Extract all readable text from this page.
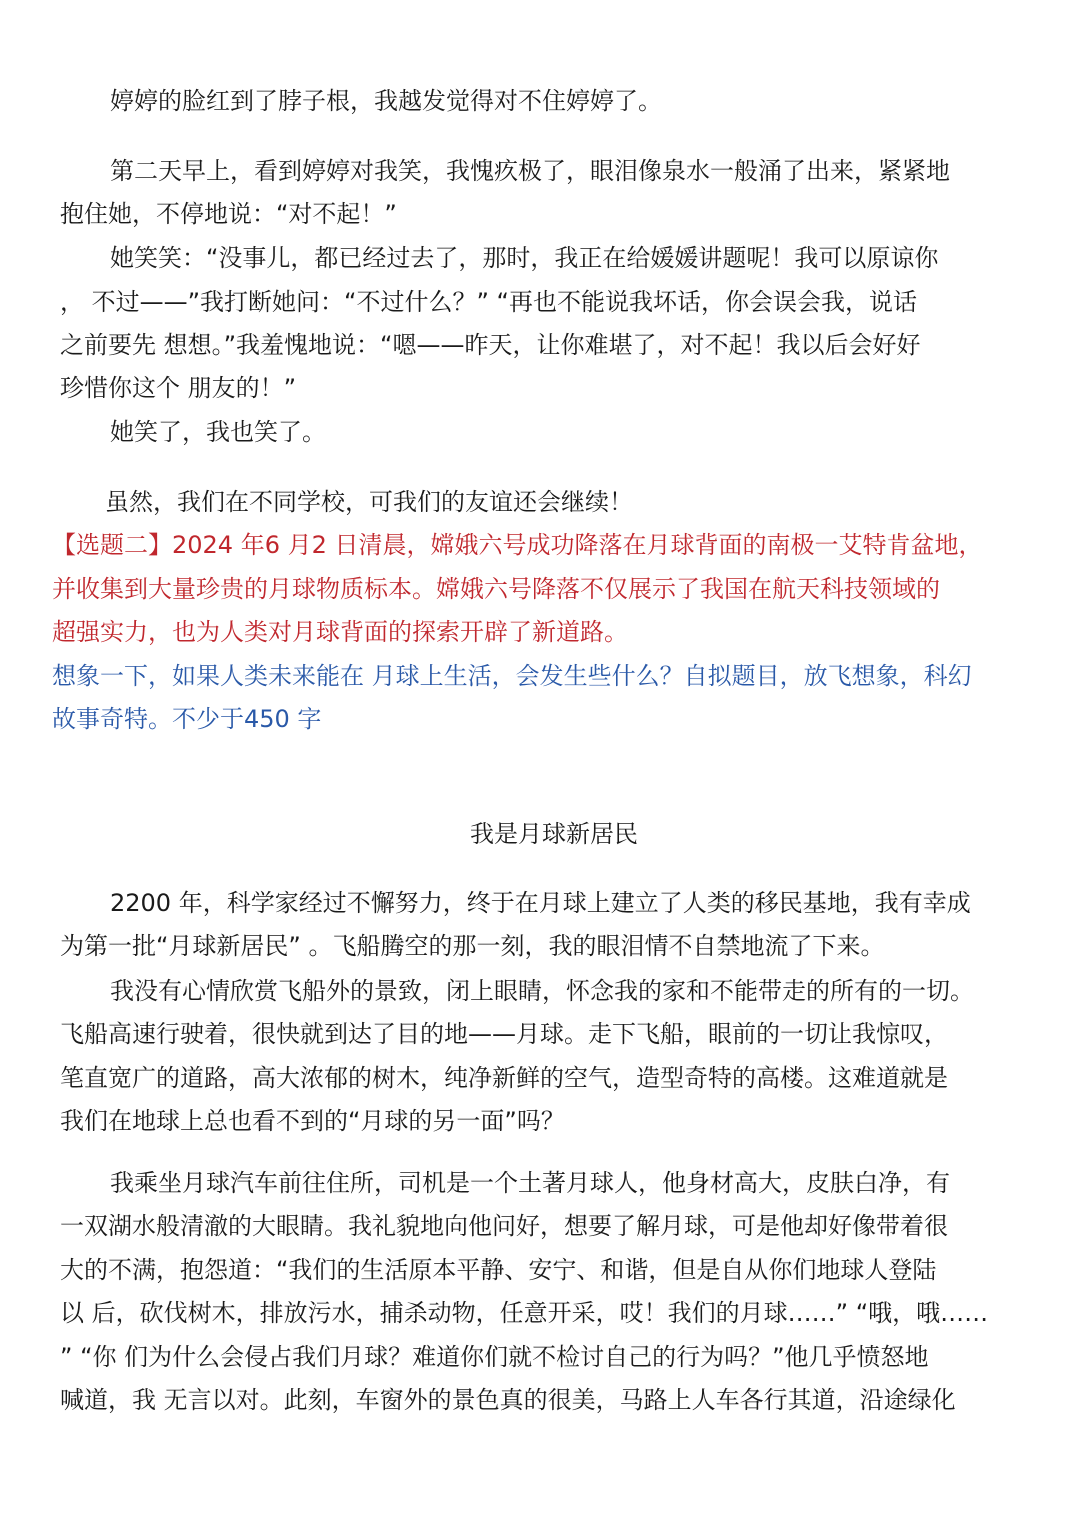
婷婷的脸红到了脖子根，我越发觉得对不住婷婷了。
第二天早上，看到婷婷对我笑，我愧疚极了，眼泪像泉水一般涌了出来，紧紧地
抱住她，不停地说：“对不起！”
她笑笑：“没事儿，都已经过去了，那时，我正在给媛媛讲题呢！我可以原谅你
， 不过——”我打断她问：“不过什么？” “再也不能说我坏话，你会误会我，说话
之前要先 想想。”我羞愧地说：“嗯——昨天，让你难堪了，对不起！我以后会好好
珍惜你这个 朋友的！”
她笑了，我也笑了。
虽然，我们在不同学校，可我们的友谊还会继续！
【选题二】2024 年6 月2 日清晨，嫦娥六号成功降落在月球背面的南极一艾特肯盆地，
并收集到大量珍贵的月球物质标本。嫦娥六号降落不仅展示了我国在航天科技领域的
超强实力，也为人类对月球背面的探索开辟了新道路。
想象一下，如果人类未来能在 月球上生活，会发生些什么？自拟题目，放飞想象，科幻
故事奇特。不少于450 字
我是月球新居民
2200 年，科学家经过不懈努力，终于在月球上建立了人类的移民基地，我有幸成
为第一批“月球新居民” 。飞船腾空的那一刻，我的眼泪情不自禁地流了下来。
我没有心情欣赏飞船外的景致，闭上眼睛，怀念我的家和不能带走的所有的一切。
飞船高速行驶着，很快就到达了目的地——月球。走下飞船，眼前的一切让我惊叹，
笔直宽广的道路，高大浓郁的树木，纯净新鲜的空气，造型奇特的高楼。这难道就是
我们在地球上总也看不到的“月球的另一面”吗？
我乘坐月球汽车前往住所，司机是一个土著月球人，他身材高大，皮肤白净，有
一双湖水般清澈的大眼睛。我礼貌地向他问好，想要了解月球，可是他却好像带着很
大的不满，抱怨道：“我们的生活原本平静、安宁、和谐，但是自从你们地球人登陆
以 后，砍伐树木，排放污水，捕杀动物，任意开采，哎！我们的月球……” “哦，哦……
” “你 们为什么会侵占我们月球？难道你们就不检讨自己的行为吗？”他几乎愤怒地
喊道，我 无言以对。此刻，车窗外的景色真的很美，马路上人车各行其道，沿途绿化
